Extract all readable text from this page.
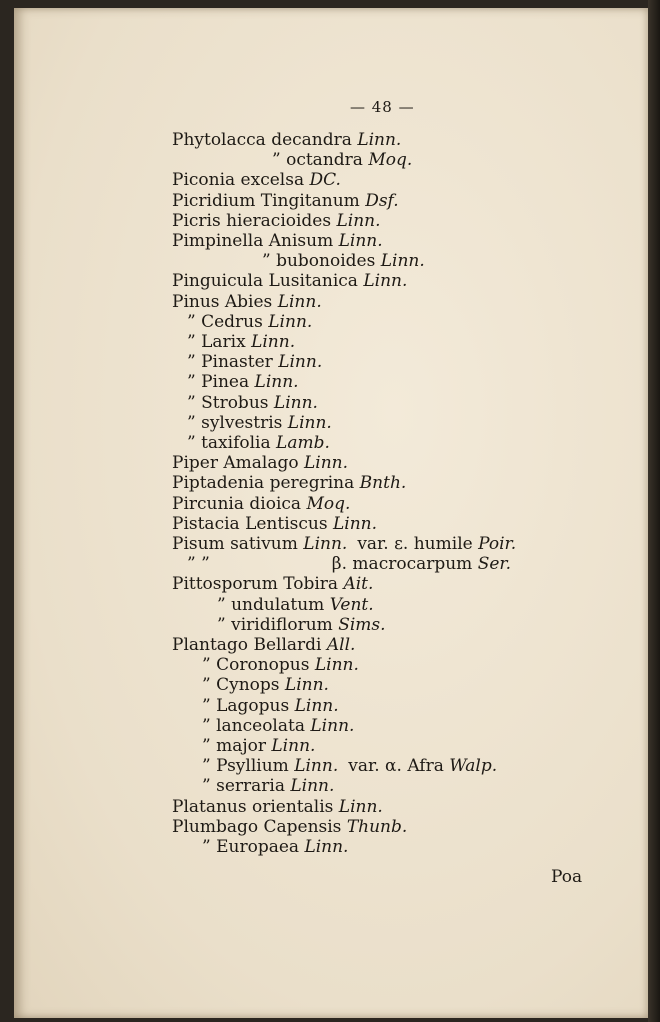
— 48 —
Phytolacca decandra Linn.
” octandra Moq.
Piconia excelsa DC.
Picridium Tingitanum Dsf.
Picris hieracioides Linn.
Pimpinella Anisum Linn.
” bubonoides Linn.
Pinguicula Lusitanica Linn.
Pinus Abies Linn.
” Cedrus Linn.
” Larix Linn.
” Pinaster Linn.
” Pinea Linn.
” Strobus Linn.
” sylvestris Linn.
” taxifolia Lamb.
Piper Amalago Linn.
Piptadenia peregrina Bnth.
Pircunia dioica Moq.
Pistacia Lentiscus Linn.
Pisum sativum Linn. var. ε. humile Poir.
” ”	β. macrocarpum Ser.
Pittosporum Tobira Ait.
” undulatum Vent.
” viridiflorum Sims.
Plantago Bellardi All.
” Coronopus Linn.
” Cynops Linn.
” Lagopus Linn.
” lanceolata Linn.
” major Linn.
” Psyllium Linn. var. α. Afra Walp.
” serraria Linn.
Platanus orientalis Linn.
Plumbago Capensis Thunb.
” Europaea Linn.
Poa
